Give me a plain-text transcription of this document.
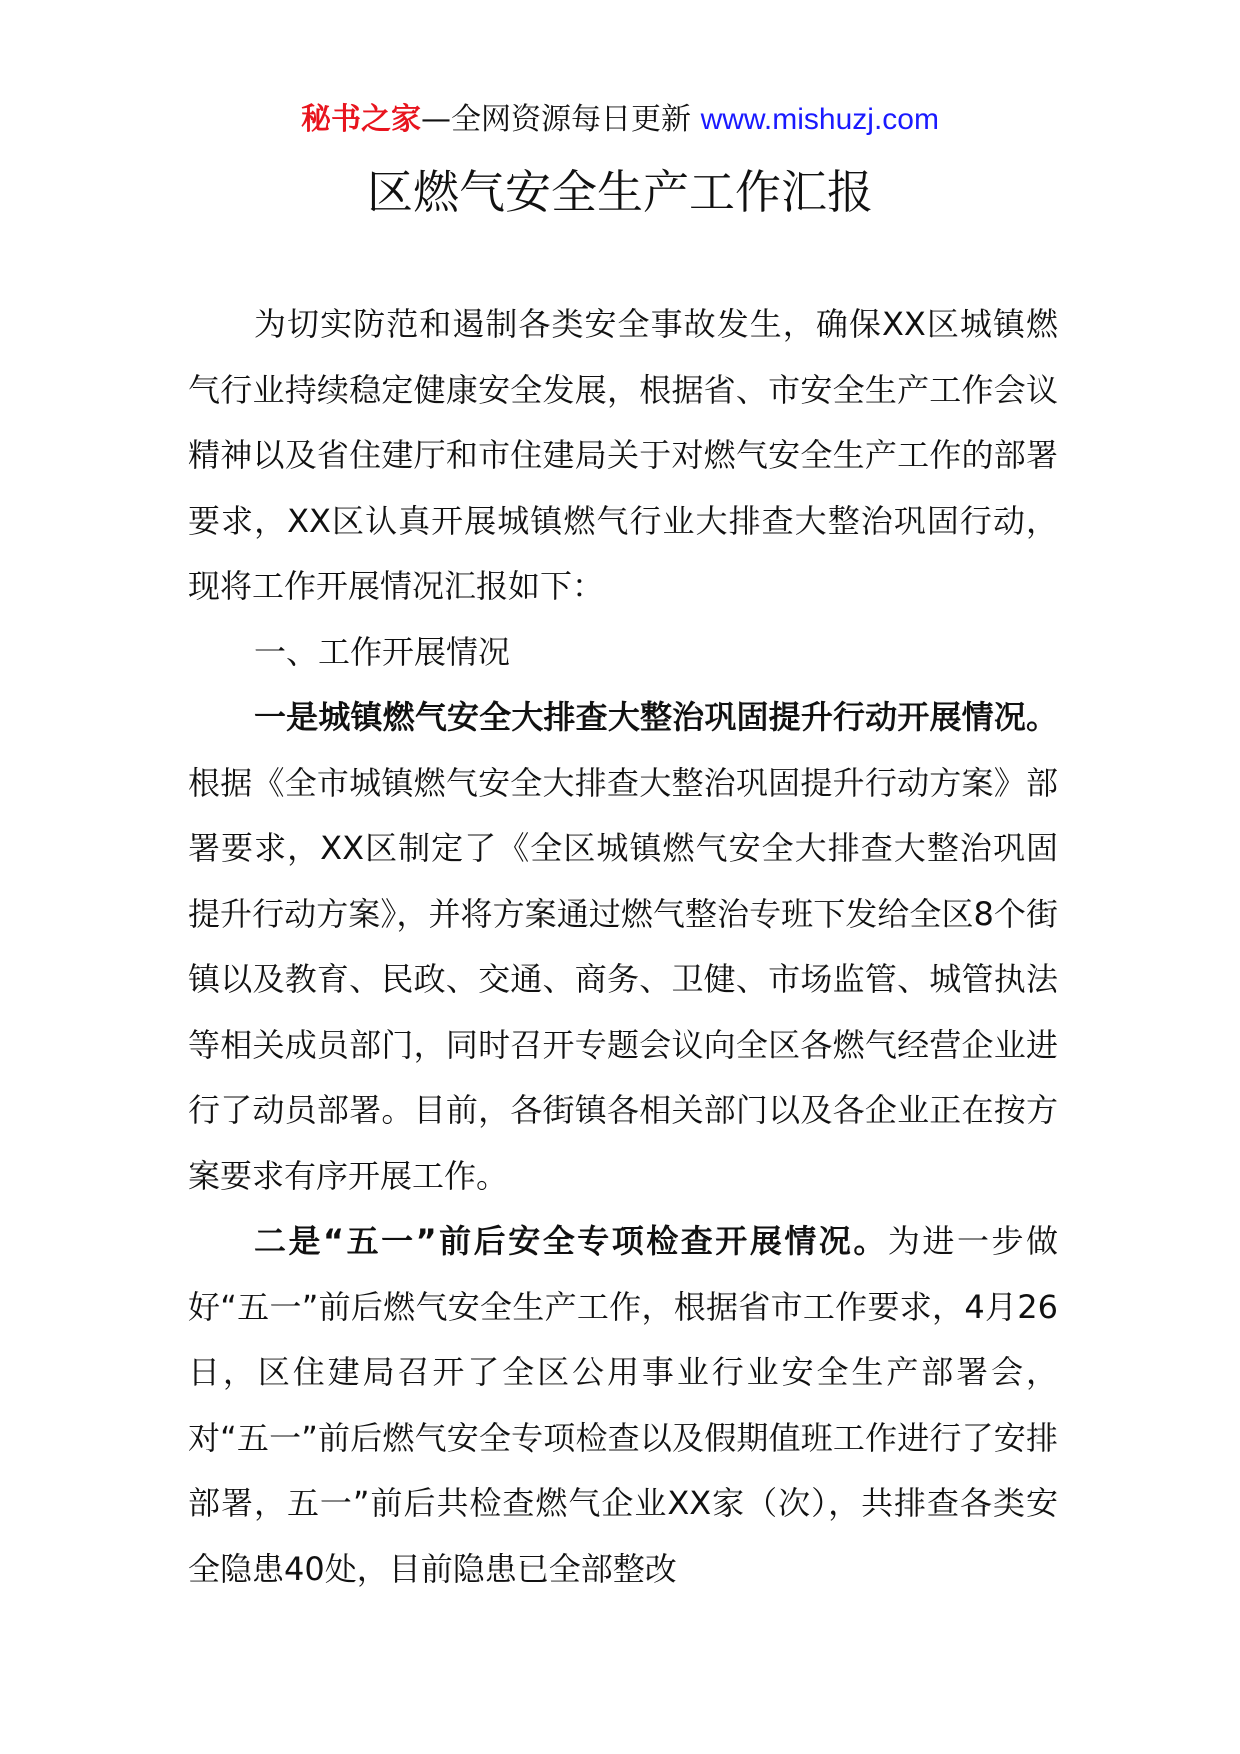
秘书之家—全网资源每日更新 www.mishuzj.com
区燃气安全生产工作汇报

为切实防范和遏制各类安全事故发生，确保XX区城镇燃气行业持续稳定健康安全发展，根据省、市安全生产工作会议精神以及省住建厅和市住建局关于对燃气安全生产工作的部署要求，XX区认真开展城镇燃气行业大排查大整治巩固行动，现将工作开展情况汇报如下：

一、工作开展情况

一是城镇燃气安全大排查大整治巩固提升行动开展情况。根据《全市城镇燃气安全大排查大整治巩固提升行动方案》部署要求，XX区制定了《全区城镇燃气安全大排查大整治巩固提升行动方案》，并将方案通过燃气整治专班下发给全区8个街镇以及教育、民政、交通、商务、卫健、市场监管、城管执法等相关成员部门，同时召开专题会议向全区各燃气经营企业进行了动员部署。目前，各街镇各相关部门以及各企业正在按方案要求有序开展工作。

二是“五一”前后安全专项检查开展情况。为进一步做好“五一”前后燃气安全生产工作，根据省市工作要求，4月26日，区住建局召开了全区公用事业行业安全生产部署会，对“五一”前后燃气安全专项检查以及假期值班工作进行了安排部署，五一”前后共检查燃气企业XX家（次），共排查各类安全隐患40处，目前隐患已全部整改
